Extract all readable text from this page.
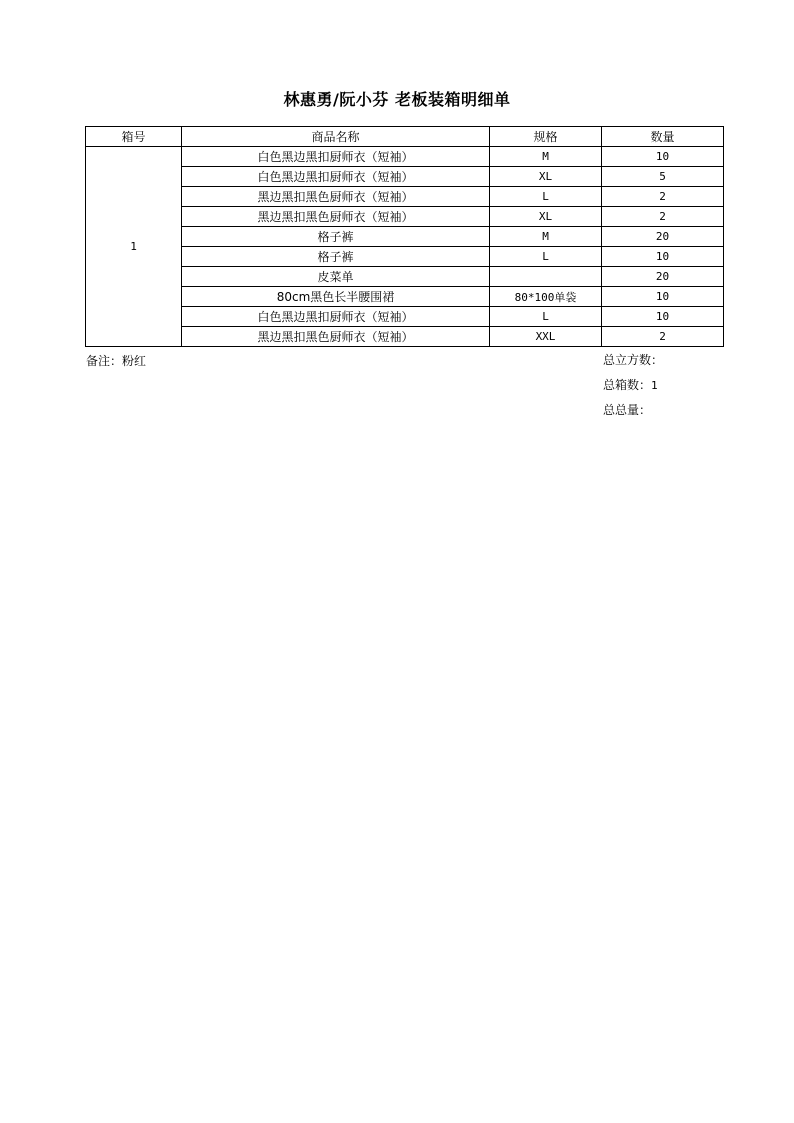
林惠勇/阮小芬 老板装箱明细单
箱号	商品名称	规格	数量
1	白色黑边黑扣厨师衣（短袖）	M	10
	白色黑边黑扣厨师衣（短袖）	XL	5
	黑边黑扣黑色厨师衣（短袖）	L	2
	黑边黑扣黑色厨师衣（短袖）	XL	2
	格子裤	M	20
	格子裤	L	10
	皮菜单		20
	80cm黑色长半腰围裙	80*100单袋	10
	白色黑边黑扣厨师衣（短袖）	L	10
	黑边黑扣黑色厨师衣（短袖）	XXL	2
备注：粉红	总立方数：
总箱数：1
总总量：
